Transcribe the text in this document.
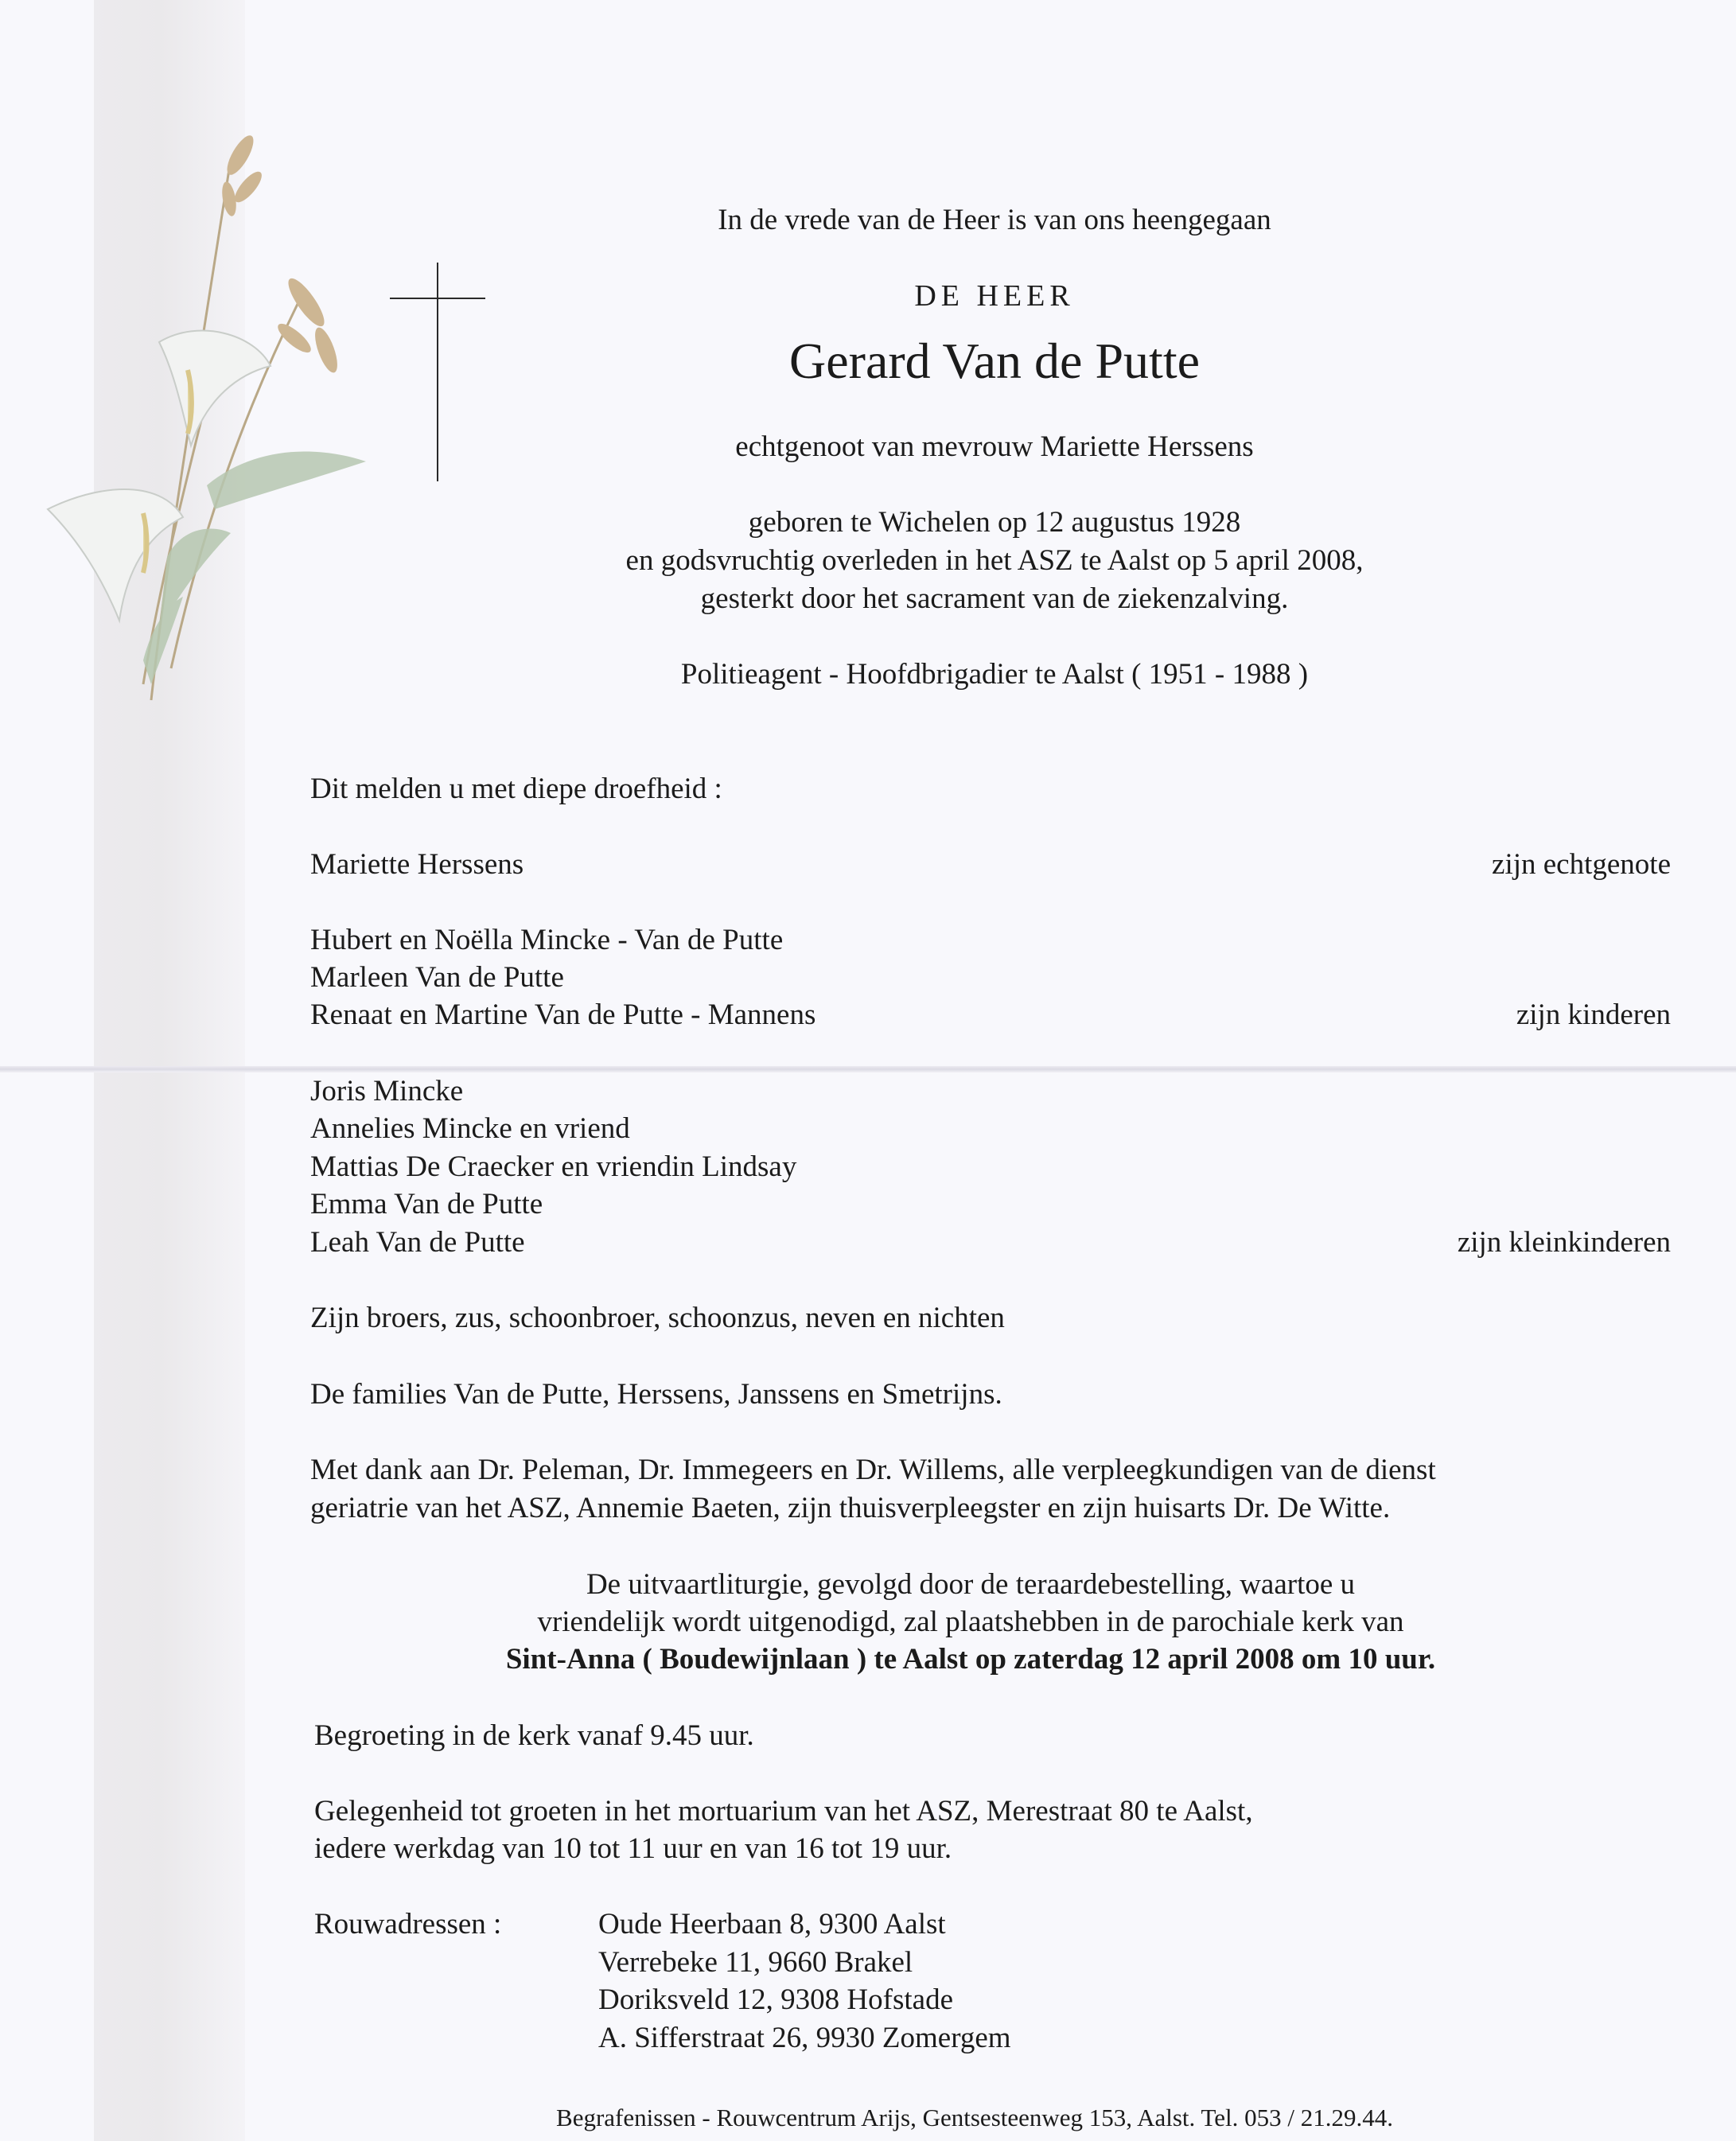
In de vrede van de Heer is van ons heengegaan
DE HEER
Gerard Van de Putte
echtgenoot van mevrouw Mariette Herssens
geboren te Wichelen op 12 augustus 1928
en godsvruchtig overleden in het ASZ te Aalst op 5 april 2008,
gesterkt door het sacrament van de ziekenzalving.
Politieagent - Hoofdbrigadier te Aalst ( 1951 - 1988 )
Dit melden u met diepe droefheid :
Mariette Herssens	zijn echtgenote
Hubert en Noëlla Mincke - Van de Putte
Marleen Van de Putte
Renaat en Martine Van de Putte - Mannens	zijn kinderen
Joris Mincke
Annelies Mincke en vriend
Mattias De Craecker en vriendin Lindsay
Emma Van de Putte
Leah Van de Putte	zijn kleinkinderen
Zijn broers, zus, schoonbroer, schoonzus, neven en nichten
De families Van de Putte, Herssens, Janssens en Smetrijns.
Met dank aan Dr. Peleman, Dr. Immegeers en Dr. Willems, alle verpleegkundigen van de dienst
geriatrie van het ASZ, Annemie Baeten, zijn thuisverpleegster en zijn huisarts Dr. De Witte.
De uitvaartliturgie, gevolgd door de teraardebestelling, waartoe u
vriendelijk wordt uitgenodigd, zal plaatshebben in de parochiale kerk van
Sint-Anna ( Boudewijnlaan ) te Aalst op zaterdag 12 april 2008 om 10 uur.
Begroeting in de kerk vanaf 9.45 uur.
Gelegenheid tot groeten in het mortuarium van het ASZ, Merestraat 80 te Aalst,
iedere werkdag van 10 tot 11 uur en van 16 tot 19 uur.
Rouwadressen :	Oude Heerbaan 8, 9300 Aalst
Verrebeke 11, 9660 Brakel
Doriksveld 12, 9308 Hofstade
A. Sifferstraat 26, 9930 Zomergem
Begrafenissen - Rouwcentrum Arijs, Gentsesteenweg 153, Aalst. Tel. 053 / 21.29.44.
